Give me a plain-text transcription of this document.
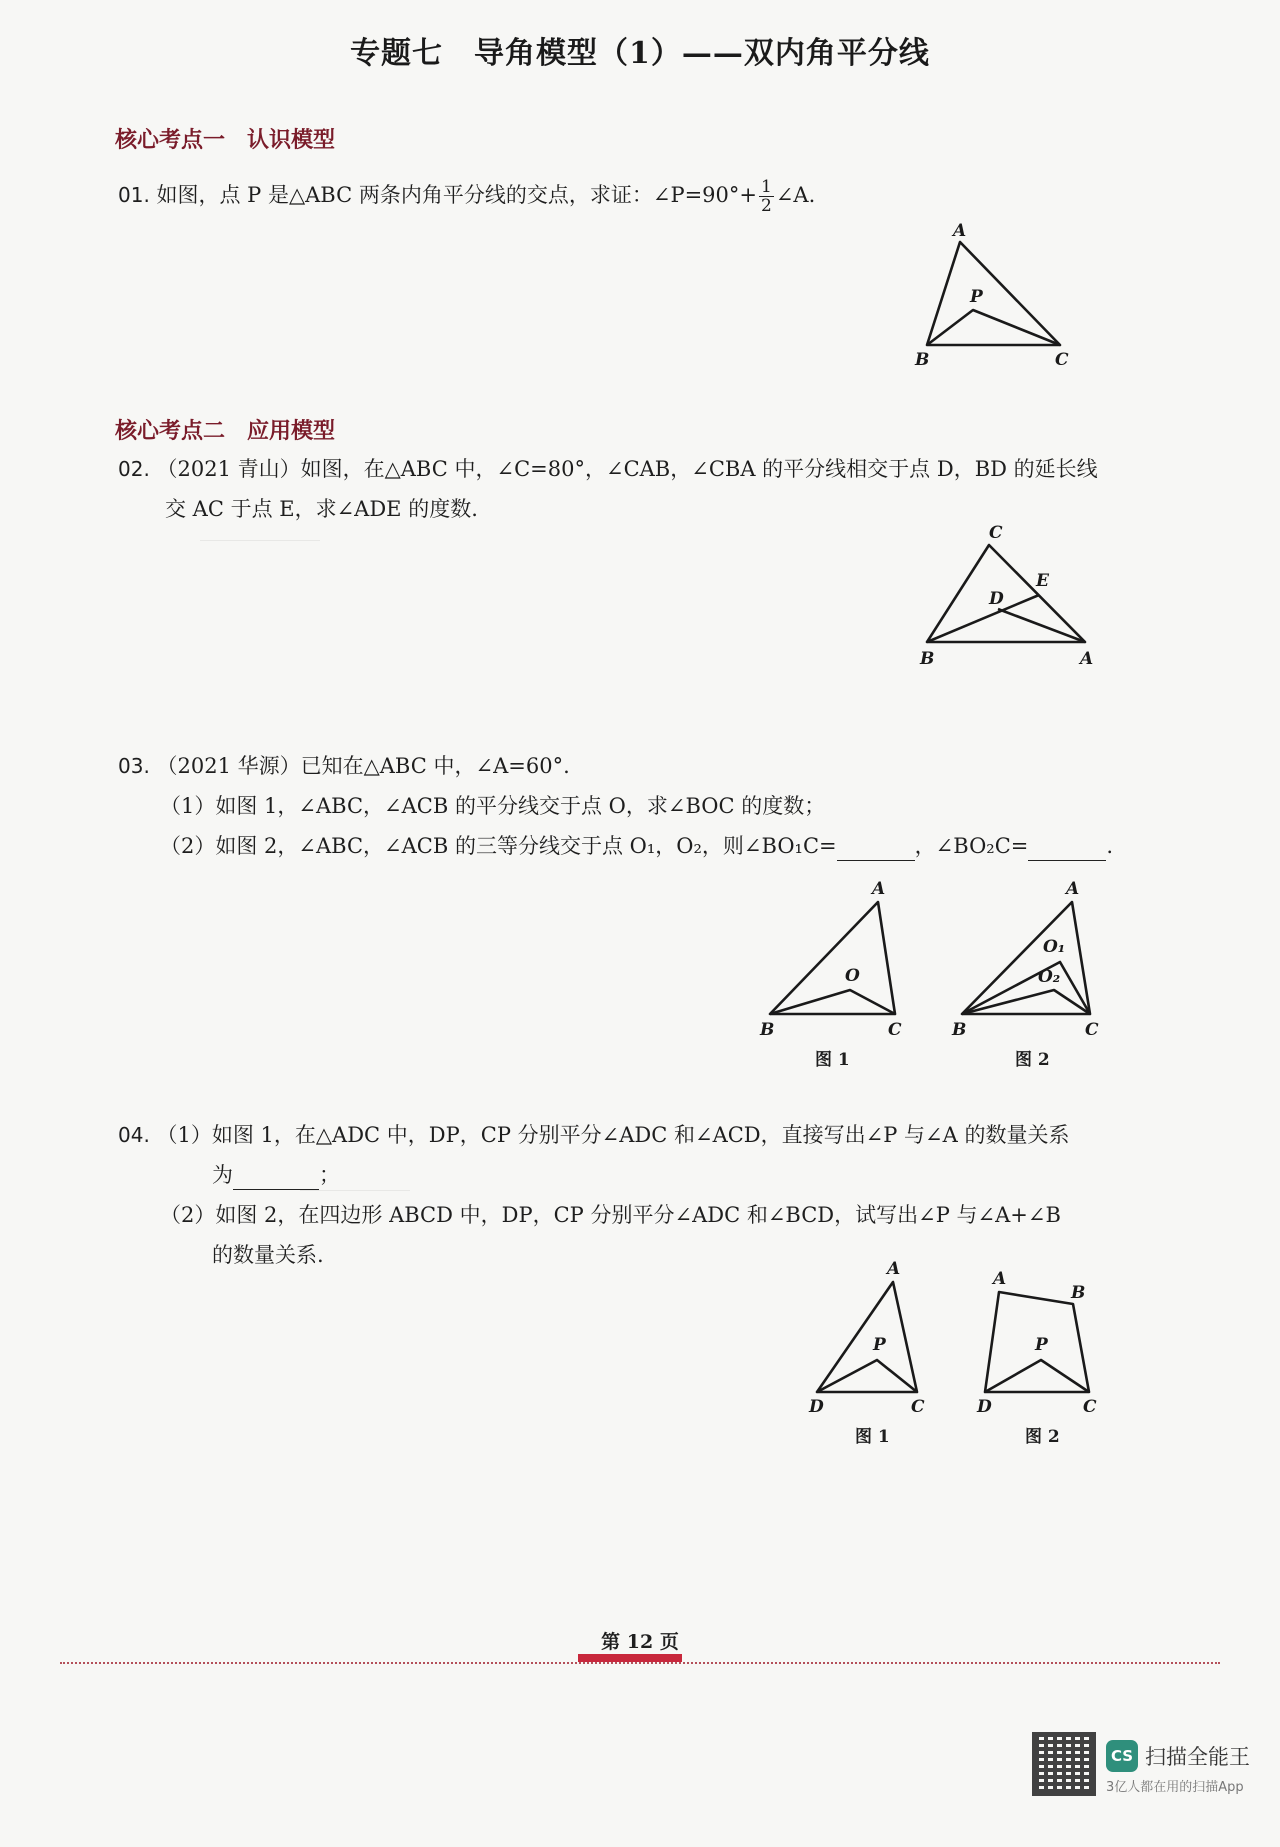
专题七　导角模型（1）——双内角平分线
核心考点一　认识模型
01. 如图，点 P 是△ABC 两条内角平分线的交点，求证：∠P=90°+ $\frac{1}{2}$ ∠A.
A
P
B	C
核心考点二　应用模型
02. （2021 青山）如图，在△ABC 中，∠C=80°，∠CAB，∠CBA 的平分线相交于点 D，BD 的延长线
交 AC 于点 E，求∠ADE 的度数.
C
E
D
B	A
03. （2021 华源）已知在△ABC 中，∠A=60°.
（1）如图 1，∠ABC，∠ACB 的平分线交于点 O，求∠BOC 的度数；
（2）如图 2，∠ABC，∠ACB 的三等分线交于点 O₁，O₂，则∠BO₁C=	，∠BO₂C=	.
A
O
B	C
图 1
A
O₁
O₂
B	C
图 2
04. （1）如图 1，在△ADC 中，DP，CP 分别平分∠ADC 和∠ACD，直接写出∠P 与∠A 的数量关系
为	；
（2）如图 2，在四边形 ABCD 中，DP，CP 分别平分∠ADC 和∠BCD，试写出∠P 与∠A+∠B
的数量关系.
A
P
D	C
图 1
A
B
P
D	C
图 2
第 12 页
CS 扫描全能王
3亿人都在用的扫描App
